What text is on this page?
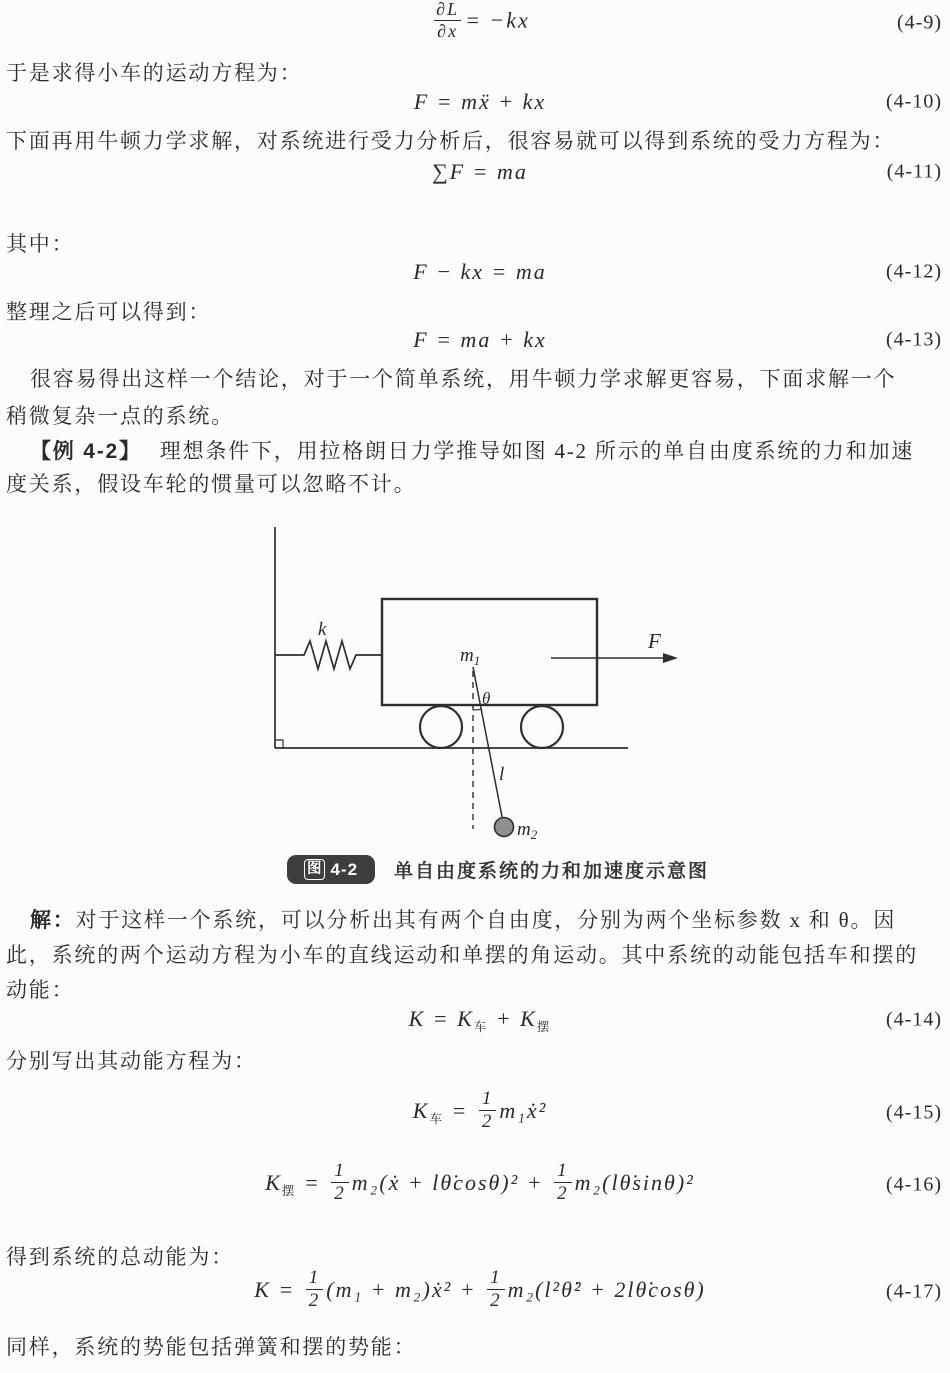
$\frac{\partial L}{\partial x} = -kx$	(4-9)
于是求得小车的运动方程为：
F = mẍ + kx	(4-10)
下面再用牛顿力学求解，对系统进行受力分析后，很容易就可以得到系统的受力方程为：
∑F = ma	(4-11)
其中：
F − kx = ma	(4-12)
整理之后可以得到：
F = ma + kx	(4-13)
很容易得出这样一个结论，对于一个简单系统，用牛顿力学求解更容易，下面求解一个
稍微复杂一点的系统。
【例 4-2】 理想条件下，用拉格朗日力学推导如图 4-2 所示的单自由度系统的力和加速
度关系，假设车轮的惯量可以忽略不计。
k
$m_1$
θ
l
$m_2$
F
图 4-2 单自由度系统的力和加速度示意图
解：对于这样一个系统，可以分析出其有两个自由度，分别为两个坐标参数 x 和 θ。因
此，系统的两个运动方程为小车的直线运动和单摆的角运动。其中系统的动能包括车和摆的
动能：
$K = K_车 + K_摆$	(4-14)
分别写出其动能方程为：
$K_车 = \frac{1}{2}$ m₁ẋ²	(4-15)
$K_摆 = \frac{1}{2}$ m₂(ẋ + lθ̇cosθ)² + $\frac{1}{2}$ m₂(lθ̇sinθ)²	(4-16)
得到系统的总动能为：
$K = \frac{1}{2} (m_1$ + m₂)ẋ² + $\frac{1}{2}$ m₂(l²θ̇² + 2lθ̇cosθ)	(4-17)
同样，系统的势能包括弹簧和摆的势能：
